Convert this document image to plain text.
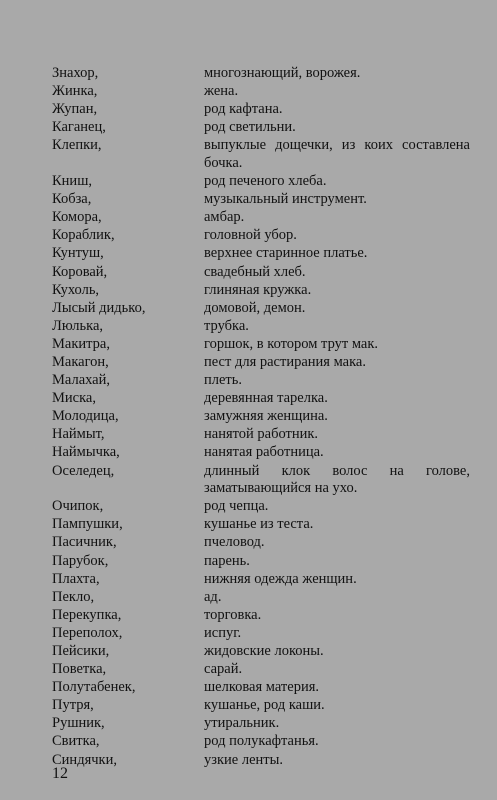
Знахор,	многознающий, ворожея.
Жинка,	жена.
Жупан,	род кафтана.
Каганец,	род светильни.
Клепки,	выпуклые дощечки, из коих составлена бочка.
Книш,	род печеного хлеба.
Кобза,	музыкальный инструмент.
Комора,	амбар.
Кораблик,	головной убор.
Кунтуш,	верхнее старинное платье.
Коровай,	свадебный хлеб.
Кухоль,	глиняная кружка.
Лысый дидько,	домовой, демон.
Люлька,	трубка.
Макитра,	горшок, в котором трут мак.
Макагон,	пест для растирания мака.
Малахай,	плеть.
Миска,	деревянная тарелка.
Молодица,	замужняя женщина.
Наймыт,	нанятой работник.
Наймычка,	нанятая работница.
Оселедец,	длинный клок волос на голове, заматывающийся на ухо.
Очипок,	род чепца.
Пампушки,	кушанье из теста.
Пасичник,	пчеловод.
Парубок,	парень.
Плахта,	нижняя одежда женщин.
Пекло,	ад.
Перекупка,	торговка.
Переполох,	испуг.
Пейсики,	жидовские локоны.
Поветка,	сарай.
Полутабенек,	шелковая материя.
Путря,	кушанье, род каши.
Рушник,	утиральник.
Свитка,	род полукафтанья.
Синдячки,	узкие ленты.
12
